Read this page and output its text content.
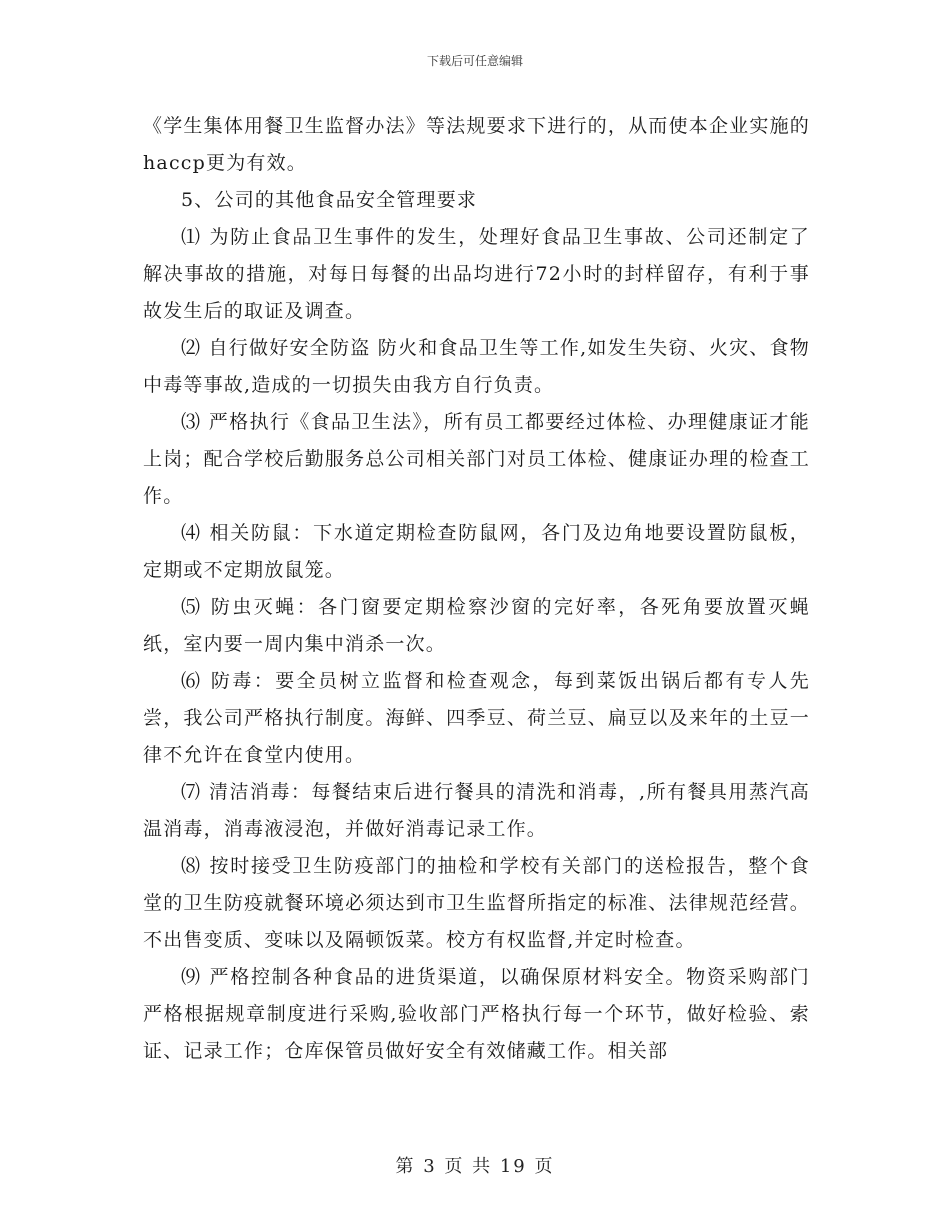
下载后可任意编辑

《学生集体用餐卫生监督办法》等法规要求下进行的，从而使本企业实施的haccp更为有效。

5、公司的其他食品安全管理要求

⑴ 为防止食品卫生事件的发生，处理好食品卫生事故、公司还制定了解决事故的措施，对每日每餐的出品均进行72小时的封样留存，有利于事故发生后的取证及调查。

⑵ 自行做好安全防盗 防火和食品卫生等工作,如发生失窃、火灾、食物中毒等事故,造成的一切损失由我方自行负责。

⑶ 严格执行《食品卫生法》，所有员工都要经过体检、办理健康证才能上岗；配合学校后勤服务总公司相关部门对员工体检、健康证办理的检查工作。

⑷ 相关防鼠：下水道定期检查防鼠网，各门及边角地要设置防鼠板，定期或不定期放鼠笼。

⑸ 防虫灭蝇：各门窗要定期检察沙窗的完好率，各死角要放置灭蝇纸，室内要一周内集中消杀一次。

⑹ 防毒：要全员树立监督和检查观念，每到菜饭出锅后都有专人先尝，我公司严格执行制度。海鲜、四季豆、荷兰豆、扁豆以及来年的土豆一律不允许在食堂内使用。

⑺ 清洁消毒：每餐结束后进行餐具的清洗和消毒，,所有餐具用蒸汽高温消毒，消毒液浸泡，并做好消毒记录工作。

⑻ 按时接受卫生防疫部门的抽检和学校有关部门的送检报告，整个食堂的卫生防疫就餐环境必须达到市卫生监督所指定的标准、法律规范经营。不出售变质、变味以及隔顿饭菜。校方有权监督,并定时检查。

⑼ 严格控制各种食品的进货渠道，以确保原材料安全。物资采购部门严格根据规章制度进行采购,验收部门严格执行每一个环节，做好检验、索证、记录工作；仓库保管员做好安全有效储藏工作。相关部

第 3 页 共 19 页
